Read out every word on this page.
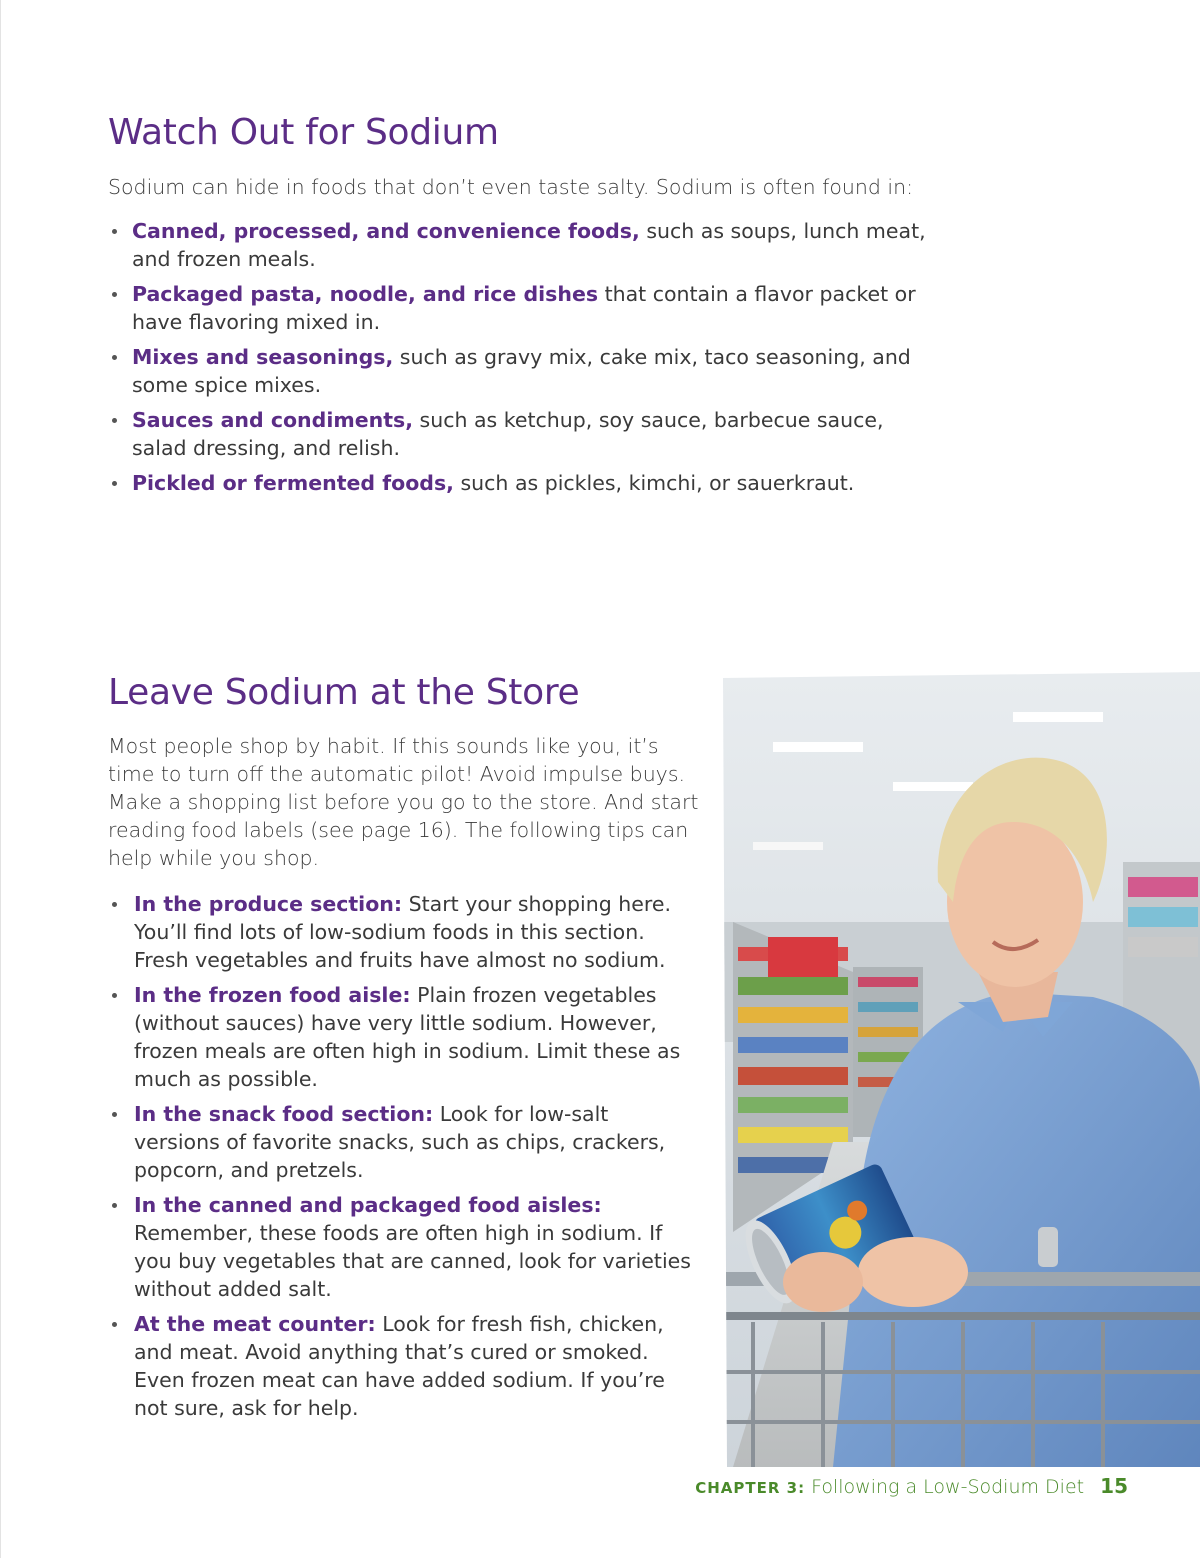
Watch Out for Sodium

Sodium can hide in foods that don’t even taste salty. Sodium is often found in:

Canned, processed, and convenience foods, such as soups, lunch meat, and frozen meals.
Packaged pasta, noodle, and rice dishes that contain a flavor packet or have flavoring mixed in.
Mixes and seasonings, such as gravy mix, cake mix, taco seasoning, and some spice mixes.
Sauces and condiments, such as ketchup, soy sauce, barbecue sauce, salad dressing, and relish.
Pickled or fermented foods, such as pickles, kimchi, or sauerkraut.
Leave Sodium at the Store

Most people shop by habit. If this sounds like you, it’s time to turn off the automatic pilot! Avoid impulse buys. Make a shopping list before you go to the store. And start reading food labels (see page 16). The following tips can help while you shop.

In the produce section: Start your shopping here. You’ll find lots of low-sodium foods in this section. Fresh vegetables and fruits have almost no sodium.
In the frozen food aisle: Plain frozen vegetables (without sauces) have very little sodium. However, frozen meals are often high in sodium. Limit these as much as possible.
In the snack food section: Look for low-salt versions of favorite snacks, such as chips, crackers, popcorn, and pretzels.
In the canned and packaged food aisles: Remember, these foods are often high in sodium. If you buy vegetables that are canned, look for varieties without added salt.
At the meat counter: Look for fresh fish, chicken, and meat. Avoid anything that’s cured or smoked. Even frozen meat can have added sodium. If you’re not sure, ask for help.
CHAPTER 3: Following a Low-Sodium Diet 15
